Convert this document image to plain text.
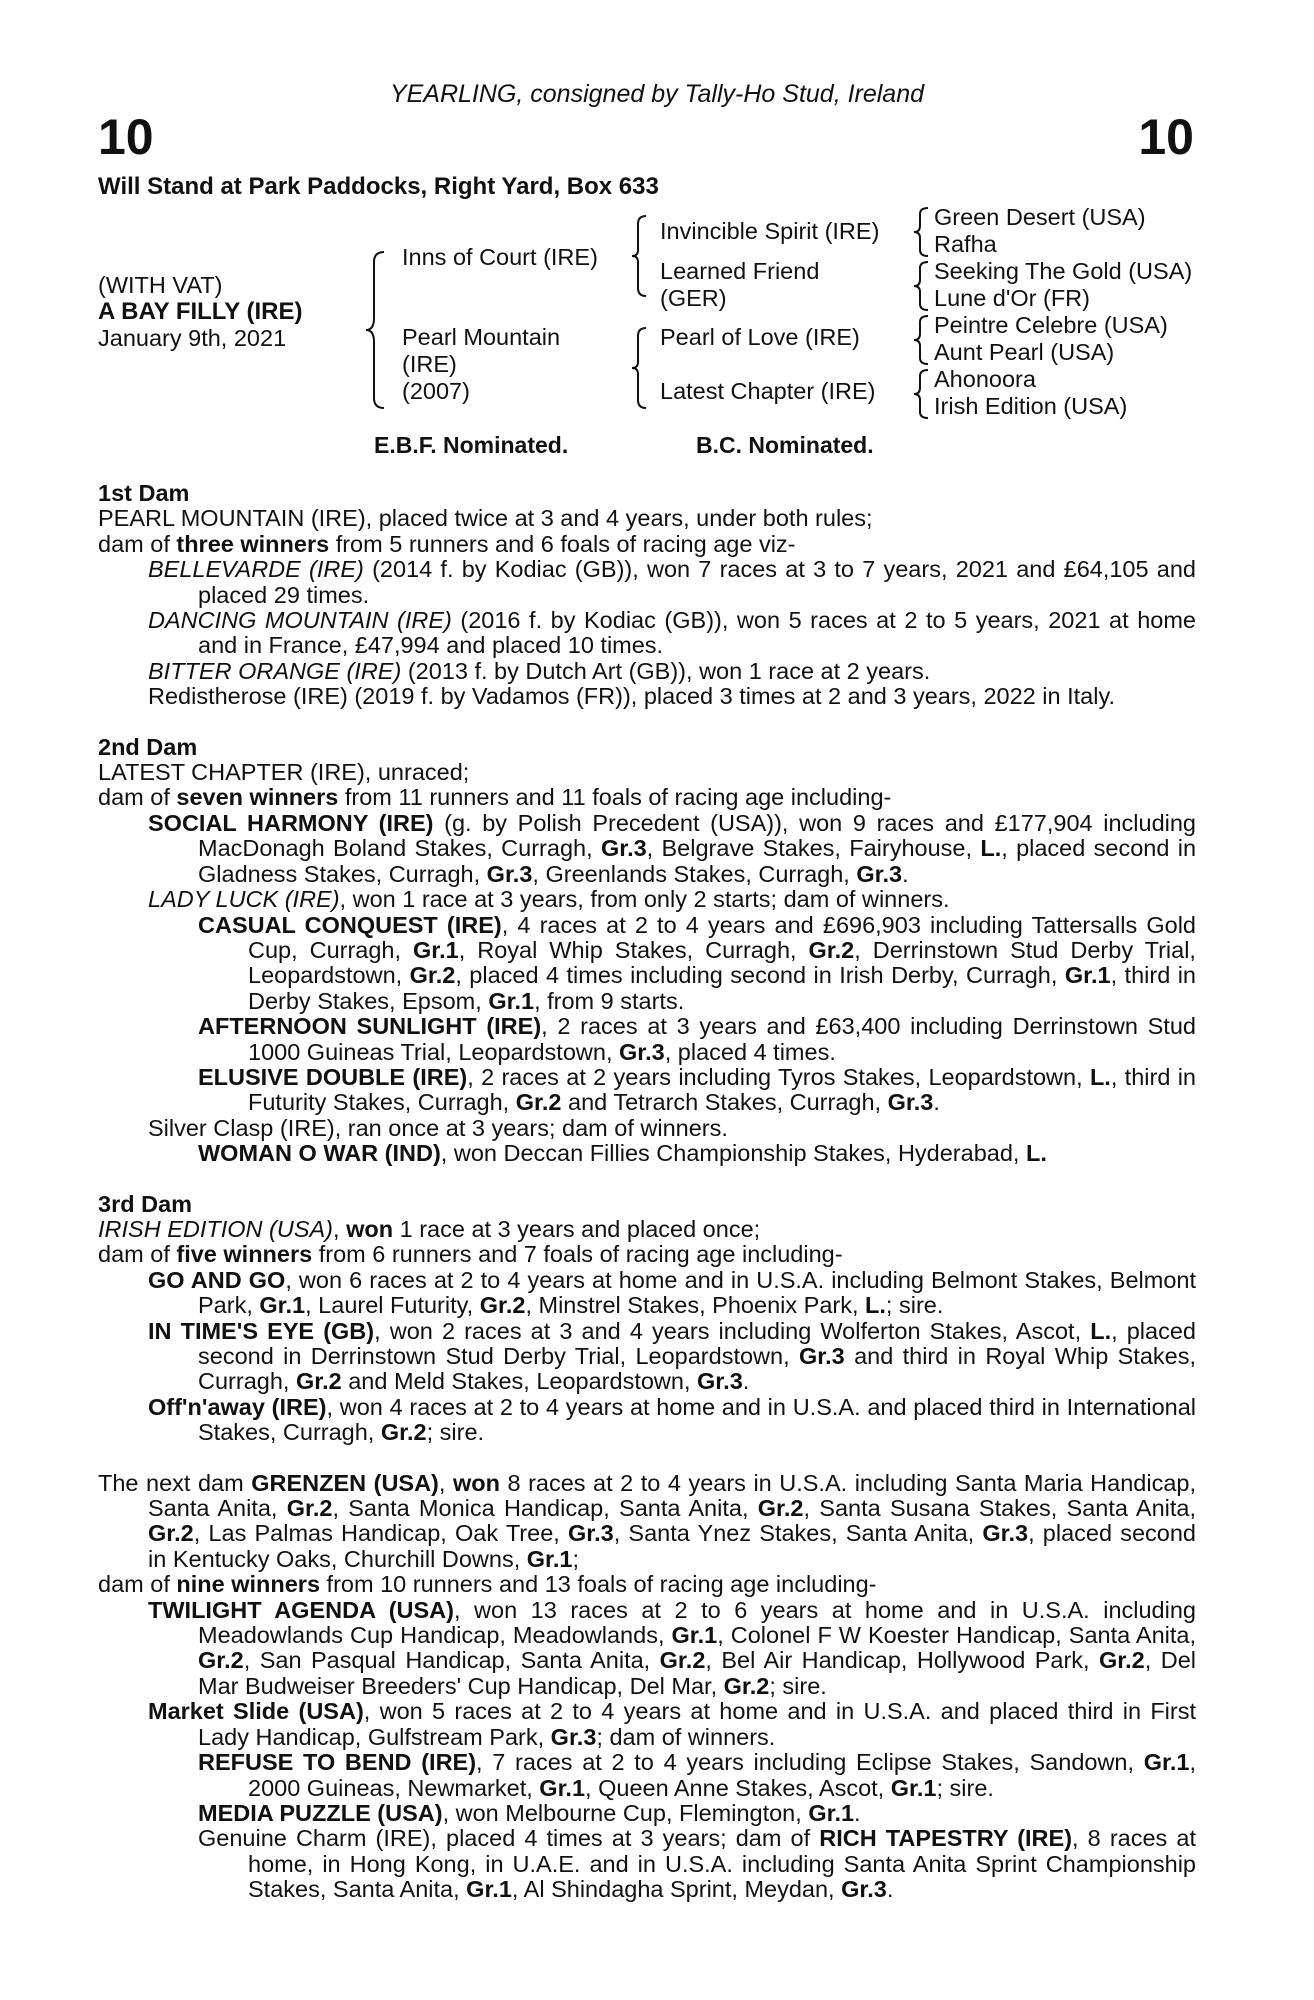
YEARLING, consigned by Tally-Ho Stud, Ireland
10	10
Will Stand at Park Paddocks, Right Yard, Box 633
(WITH VAT)
A BAY FILLY (IRE)
January 9th, 2021
Inns of Court (IRE)
Pearl Mountain
(IRE)
(2007)
Invincible Spirit (IRE)
Learned Friend
(GER)
Pearl of Love (IRE)
Latest Chapter (IRE)
Green Desert (USA)
Rafha
Seeking The Gold (USA)
Lune d'Or (FR)
Peintre Celebre (USA)
Aunt Pearl (USA)
Ahonoora
Irish Edition (USA)
E.B.F. Nominated.	B.C. Nominated.
1st Dam
PEARL MOUNTAIN (IRE), placed twice at 3 and 4 years, under both rules;
dam of three winners from 5 runners and 6 foals of racing age viz-
BELLEVARDE (IRE) (2014 f. by Kodiac (GB)), won 7 races at 3 to 7 years, 2021 and £64,105 and placed 29 times.
DANCING MOUNTAIN (IRE) (2016 f. by Kodiac (GB)), won 5 races at 2 to 5 years, 2021 at home and in France, £47,994 and placed 10 times.
BITTER ORANGE (IRE) (2013 f. by Dutch Art (GB)), won 1 race at 2 years.
Redistherose (IRE) (2019 f. by Vadamos (FR)), placed 3 times at 2 and 3 years, 2022 in Italy.
2nd Dam
LATEST CHAPTER (IRE), unraced;
dam of seven winners from 11 runners and 11 foals of racing age including-
SOCIAL HARMONY (IRE) (g. by Polish Precedent (USA)), won 9 races and £177,904 including MacDonagh Boland Stakes, Curragh, Gr.3, Belgrave Stakes, Fairyhouse, L., placed second in Gladness Stakes, Curragh, Gr.3, Greenlands Stakes, Curragh, Gr.3.
LADY LUCK (IRE), won 1 race at 3 years, from only 2 starts; dam of winners.
CASUAL CONQUEST (IRE), 4 races at 2 to 4 years and £696,903 including Tattersalls Gold Cup, Curragh, Gr.1, Royal Whip Stakes, Curragh, Gr.2, Derrinstown Stud Derby Trial, Leopardstown, Gr.2, placed 4 times including second in Irish Derby, Curragh, Gr.1, third in Derby Stakes, Epsom, Gr.1, from 9 starts.
AFTERNOON SUNLIGHT (IRE), 2 races at 3 years and £63,400 including Derrinstown Stud 1000 Guineas Trial, Leopardstown, Gr.3, placed 4 times.
ELUSIVE DOUBLE (IRE), 2 races at 2 years including Tyros Stakes, Leopardstown, L., third in Futurity Stakes, Curragh, Gr.2 and Tetrarch Stakes, Curragh, Gr.3.
Silver Clasp (IRE), ran once at 3 years; dam of winners.
WOMAN O WAR (IND), won Deccan Fillies Championship Stakes, Hyderabad, L.
3rd Dam
IRISH EDITION (USA), won 1 race at 3 years and placed once;
dam of five winners from 6 runners and 7 foals of racing age including-
GO AND GO, won 6 races at 2 to 4 years at home and in U.S.A. including Belmont Stakes, Belmont Park, Gr.1, Laurel Futurity, Gr.2, Minstrel Stakes, Phoenix Park, L.; sire.
IN TIME'S EYE (GB), won 2 races at 3 and 4 years including Wolferton Stakes, Ascot, L., placed second in Derrinstown Stud Derby Trial, Leopardstown, Gr.3 and third in Royal Whip Stakes, Curragh, Gr.2 and Meld Stakes, Leopardstown, Gr.3.
Off'n'away (IRE), won 4 races at 2 to 4 years at home and in U.S.A. and placed third in International Stakes, Curragh, Gr.2; sire.
The next dam GRENZEN (USA), won 8 races at 2 to 4 years in U.S.A. including Santa Maria Handicap, Santa Anita, Gr.2, Santa Monica Handicap, Santa Anita, Gr.2, Santa Susana Stakes, Santa Anita, Gr.2, Las Palmas Handicap, Oak Tree, Gr.3, Santa Ynez Stakes, Santa Anita, Gr.3, placed second in Kentucky Oaks, Churchill Downs, Gr.1;
dam of nine winners from 10 runners and 13 foals of racing age including-
TWILIGHT AGENDA (USA), won 13 races at 2 to 6 years at home and in U.S.A. including Meadowlands Cup Handicap, Meadowlands, Gr.1, Colonel F W Koester Handicap, Santa Anita, Gr.2, San Pasqual Handicap, Santa Anita, Gr.2, Bel Air Handicap, Hollywood Park, Gr.2, Del Mar Budweiser Breeders' Cup Handicap, Del Mar, Gr.2; sire.
Market Slide (USA), won 5 races at 2 to 4 years at home and in U.S.A. and placed third in First Lady Handicap, Gulfstream Park, Gr.3; dam of winners.
REFUSE TO BEND (IRE), 7 races at 2 to 4 years including Eclipse Stakes, Sandown, Gr.1, 2000 Guineas, Newmarket, Gr.1, Queen Anne Stakes, Ascot, Gr.1; sire.
MEDIA PUZZLE (USA), won Melbourne Cup, Flemington, Gr.1.
Genuine Charm (IRE), placed 4 times at 3 years; dam of RICH TAPESTRY (IRE), 8 races at home, in Hong Kong, in U.A.E. and in U.S.A. including Santa Anita Sprint Championship Stakes, Santa Anita, Gr.1, Al Shindagha Sprint, Meydan, Gr.3.
